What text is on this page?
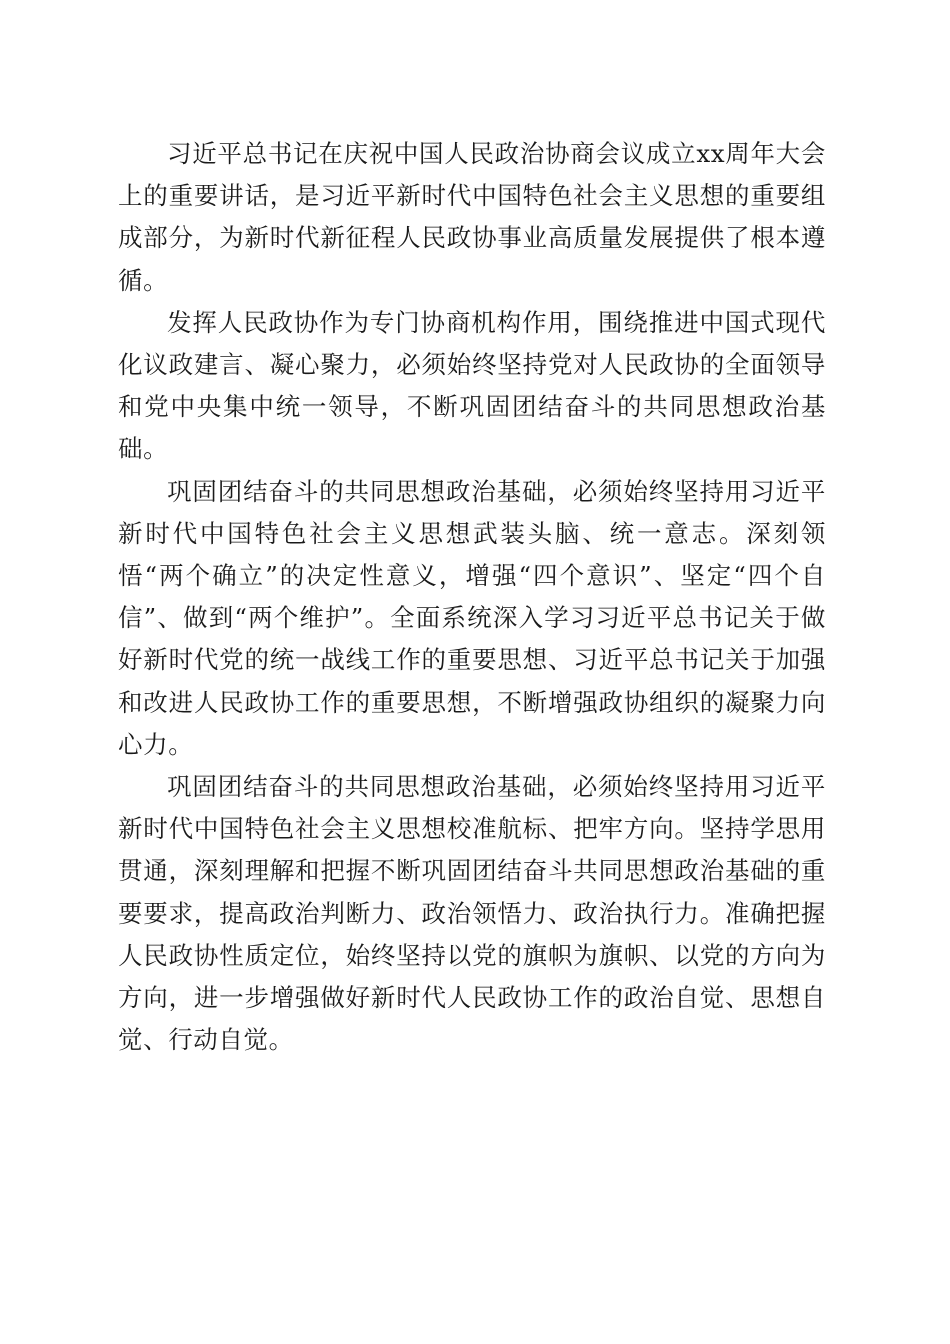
习近平总书记在庆祝中国人民政治协商会议成立xx周年大会上的重要讲话，是习近平新时代中国特色社会主义思想的重要组成部分，为新时代新征程人民政协事业高质量发展提供了根本遵循。

发挥人民政协作为专门协商机构作用，围绕推进中国式现代化议政建言、凝心聚力，必须始终坚持党对人民政协的全面领导和党中央集中统一领导，不断巩固团结奋斗的共同思想政治基础。

巩固团结奋斗的共同思想政治基础，必须始终坚持用习近平新时代中国特色社会主义思想武装头脑、统一意志。深刻领悟“两个确立”的决定性意义，增强“四个意识”、坚定“四个自信”、做到“两个维护”。全面系统深入学习习近平总书记关于做好新时代党的统一战线工作的重要思想、习近平总书记关于加强和改进人民政协工作的重要思想，不断增强政协组织的凝聚力向心力。

巩固团结奋斗的共同思想政治基础，必须始终坚持用习近平新时代中国特色社会主义思想校准航标、把牢方向。坚持学思用贯通，深刻理解和把握不断巩固团结奋斗共同思想政治基础的重要要求，提高政治判断力、政治领悟力、政治执行力。准确把握人民政协性质定位，始终坚持以党的旗帜为旗帜、以党的方向为方向，进一步增强做好新时代人民政协工作的政治自觉、思想自觉、行动自觉。
